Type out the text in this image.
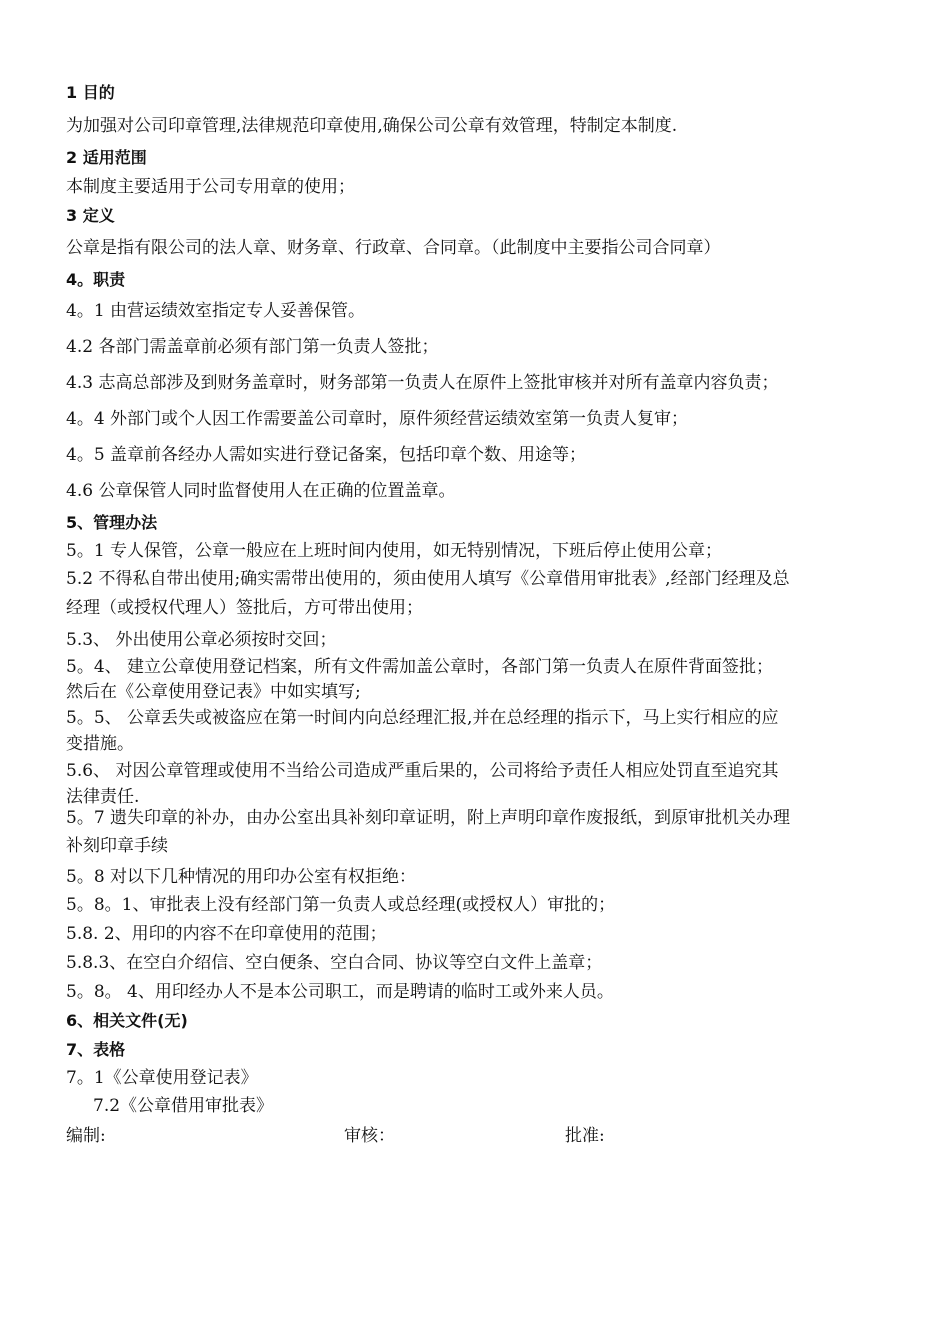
1 目的
为加强对公司印章管理,法律规范印章使用,确保公司公章有效管理，特制定本制度.
2 适用范围
本制度主要适用于公司专用章的使用；
3 定义
公章是指有限公司的法人章、财务章、行政章、合同章。（此制度中主要指公司合同章）
4。职责
4。1 由营运绩效室指定专人妥善保管。
4.2 各部门需盖章前必须有部门第一负责人签批；
4.3 志高总部涉及到财务盖章时，财务部第一负责人在原件上签批审核并对所有盖章内容负责；
4。4 外部门或个人因工作需要盖公司章时，原件须经营运绩效室第一负责人复审；
4。5 盖章前各经办人需如实进行登记备案，包括印章个数、用途等；
4.6 公章保管人同时监督使用人在正确的位置盖章。
5、管理办法
5。1 专人保管，公章一般应在上班时间内使用，如无特别情况，下班后停止使用公章；
5.2 不得私自带出使用;确实需带出使用的，须由使用人填写《公章借用审批表》,经部门经理及总
经理（或授权代理人）签批后，方可带出使用；
5.3、 外出使用公章必须按时交回；
5。4、 建立公章使用登记档案，所有文件需加盖公章时，各部门第一负责人在原件背面签批；
然后在《公章使用登记表》中如实填写;
5。5、 公章丢失或被盗应在第一时间内向总经理汇报,并在总经理的指示下，马上实行相应的应
变措施。
5.6、 对因公章管理或使用不当给公司造成严重后果的，公司将给予责任人相应处罚直至追究其
法律责任.
5。7 遗失印章的补办，由办公室出具补刻印章证明，附上声明印章作废报纸，到原审批机关办理
补刻印章手续
5。8 对以下几种情况的用印办公室有权拒绝：
5。8。1、审批表上没有经部门第一负责人或总经理(或授权人）审批的；
5.8. 2、用印的内容不在印章使用的范围；
5.8.3、在空白介绍信、空白便条、空白合同、协议等空白文件上盖章；
5。8。 4、用印经办人不是本公司职工，而是聘请的临时工或外来人员。
6、相关文件(无)
7、表格
7。1《公章使用登记表》
7.2《公章借用审批表》
编制:	审核：	批准:
